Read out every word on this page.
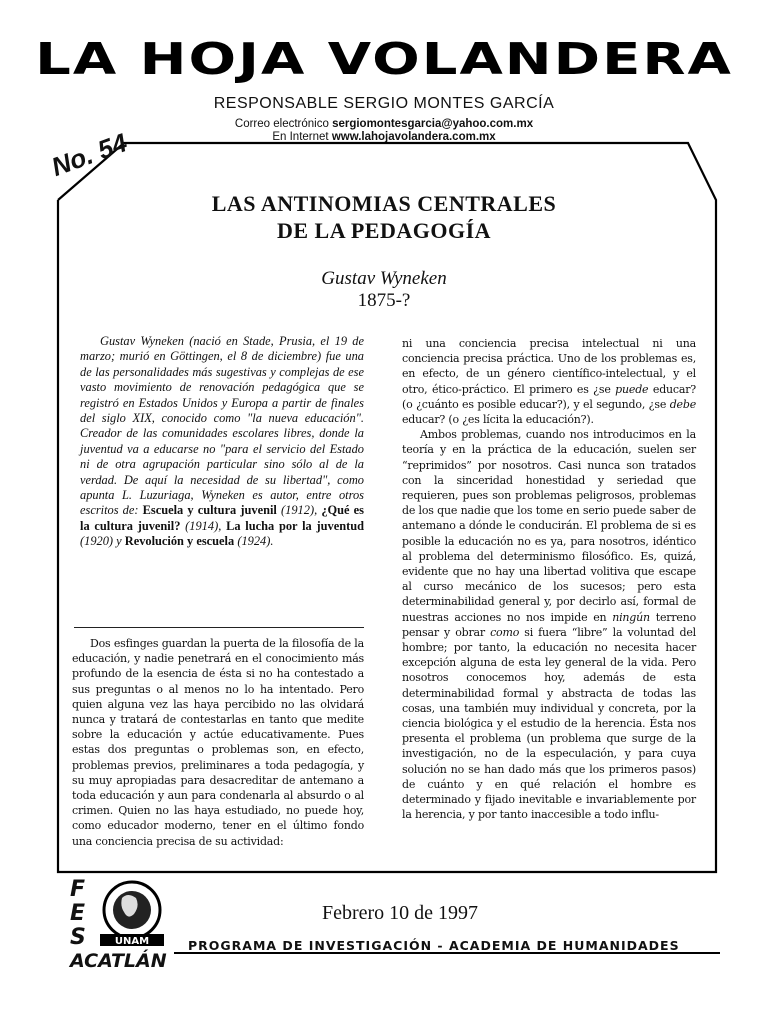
LA HOJA VOLANDERA
RESPONSABLE SERGIO MONTES GARCÍA
Correo electrónico sergiomontesgarcia@yahoo.com.mx
En Internet www.lahojavolandera.com.mx
No. 54
LAS ANTINOMIAS CENTRALES
DE LA PEDAGOGÍA
Gustav Wyneken
1875-?
Gustav Wyneken (nació en Stade, Prusia, el 19 de marzo; murió en Göttingen, el 8 de diciembre) fue una de las personalidades más sugestivas y complejas de ese vasto movimiento de renovación pedagógica que se registró en Estados Unidos y Europa a partir de finales del siglo XIX, conocido como "la nueva educación". Creador de las comunidades escolares libres, donde la juventud va a educarse no "para el servicio del Estado ni de otra agrupación particular sino sólo al de la verdad. De aquí la necesidad de su libertad", como apunta L. Luzuriaga, Wyneken es autor, entre otros escritos de: Escuela y cultura juvenil (1912), ¿Qué es la cultura juvenil? (1914), La lucha por la juventud (1920) y Revolución y escuela (1924).
Dos esfinges guardan la puerta de la filosofía de la educación, y nadie penetrará en el conocimiento más profundo de la esencia de ésta si no ha contestado a sus preguntas o al menos no lo ha intentado. Pero quien alguna vez las haya percibido no las olvidará nunca y tratará de contestarlas en tanto que medite sobre la educación y actúe educativamente. Pues estas dos preguntas o problemas son, en efecto, problemas previos, preliminares a toda pedagogía, y su muy apropiadas para desacreditar de antemano a toda educación y aun para condenarla al absurdo o al crimen. Quien no las haya estudiado, no puede hoy, como educador moderno, tener en el último fondo una conciencia precisa de su actividad:

ni una conciencia precisa intelectual ni una conciencia precisa práctica. Uno de los problemas es, en efecto, de un género científico-intelectual, y el otro, ético-práctico. El primero es ¿se puede educar? (o ¿cuánto es posible educar?), y el segundo, ¿se debe educar? (o ¿es lícita la educación?).

Ambos problemas, cuando nos introducimos en la teoría y en la práctica de la educación, suelen ser “reprimidos” por nosotros. Casi nunca son tratados con la sinceridad honestidad y seriedad que requieren, pues son problemas peligrosos, problemas de los que nadie que los tome en serio puede saber de antemano a dónde le conducirán. El problema de si es posible la educación no es ya, para nosotros, idéntico al problema del determinismo filosófico. Es, quizá, evidente que no hay una libertad volitiva que escape al curso mecánico de los sucesos; pero esta determinabilidad general y, por decirlo así, formal de nuestras acciones no nos impide en ningún terreno pensar y obrar como si fuera “libre” la voluntad del hombre; por tanto, la educación no necesita hacer excepción alguna de esta ley general de la vida. Pero nosotros conocemos hoy, además de esta determinabilidad formal y abstracta de todas las cosas, una también muy individual y concreta, por la ciencia biológica y el estudio de la herencia. Ésta nos presenta el problema (un problema que surge de la investigación, no de la especulación, y para cuya solución no se han dado más que los primeros pasos) de cuánto y en qué relación el hombre es determinado y fijado inevitable e invariablemente por la herencia, y por tanto inaccesible a todo influ-

F
E
S	UNAM
ACATLÁN
Febrero 10 de 1997
PROGRAMA DE INVESTIGACIÓN - ACADEMIA DE HUMANIDADES
